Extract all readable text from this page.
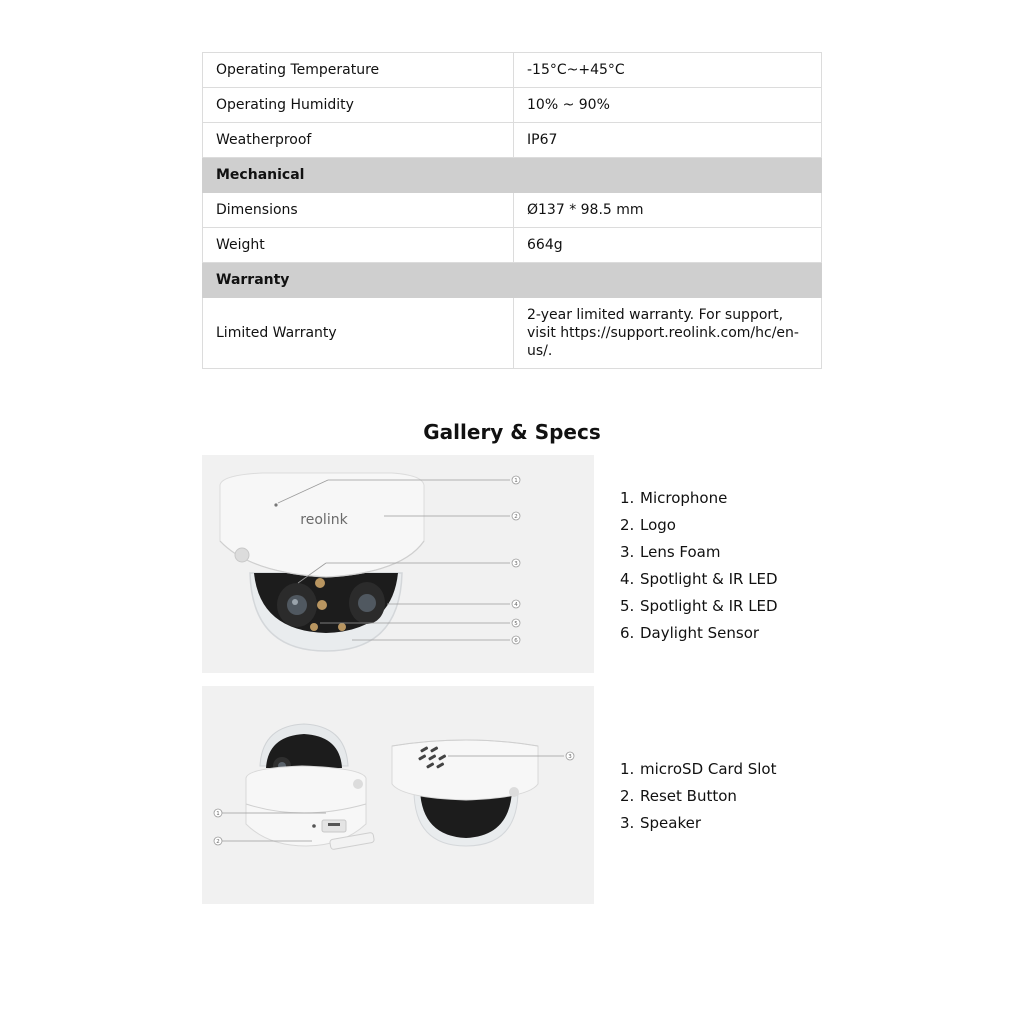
Operating Temperature	-15°C~+45°C
Operating Humidity	10% ~ 90%
Weatherproof	IP67
Mechanical	
Dimensions	Ø137 * 98.5 mm
Weight	664g
Warranty	
Limited Warranty	2-year limited warranty. For support, visit https://support.reolink.com/hc/en-us/.
Gallery & Specs
reolink
1
2
3
4
5
6
1. Microphone
2. Logo
3. Lens Foam
4. Spotlight & IR LED
5. Spotlight & IR LED
6. Daylight Sensor
1
2
3
1. microSD Card Slot
2. Reset Button
3. Speaker
